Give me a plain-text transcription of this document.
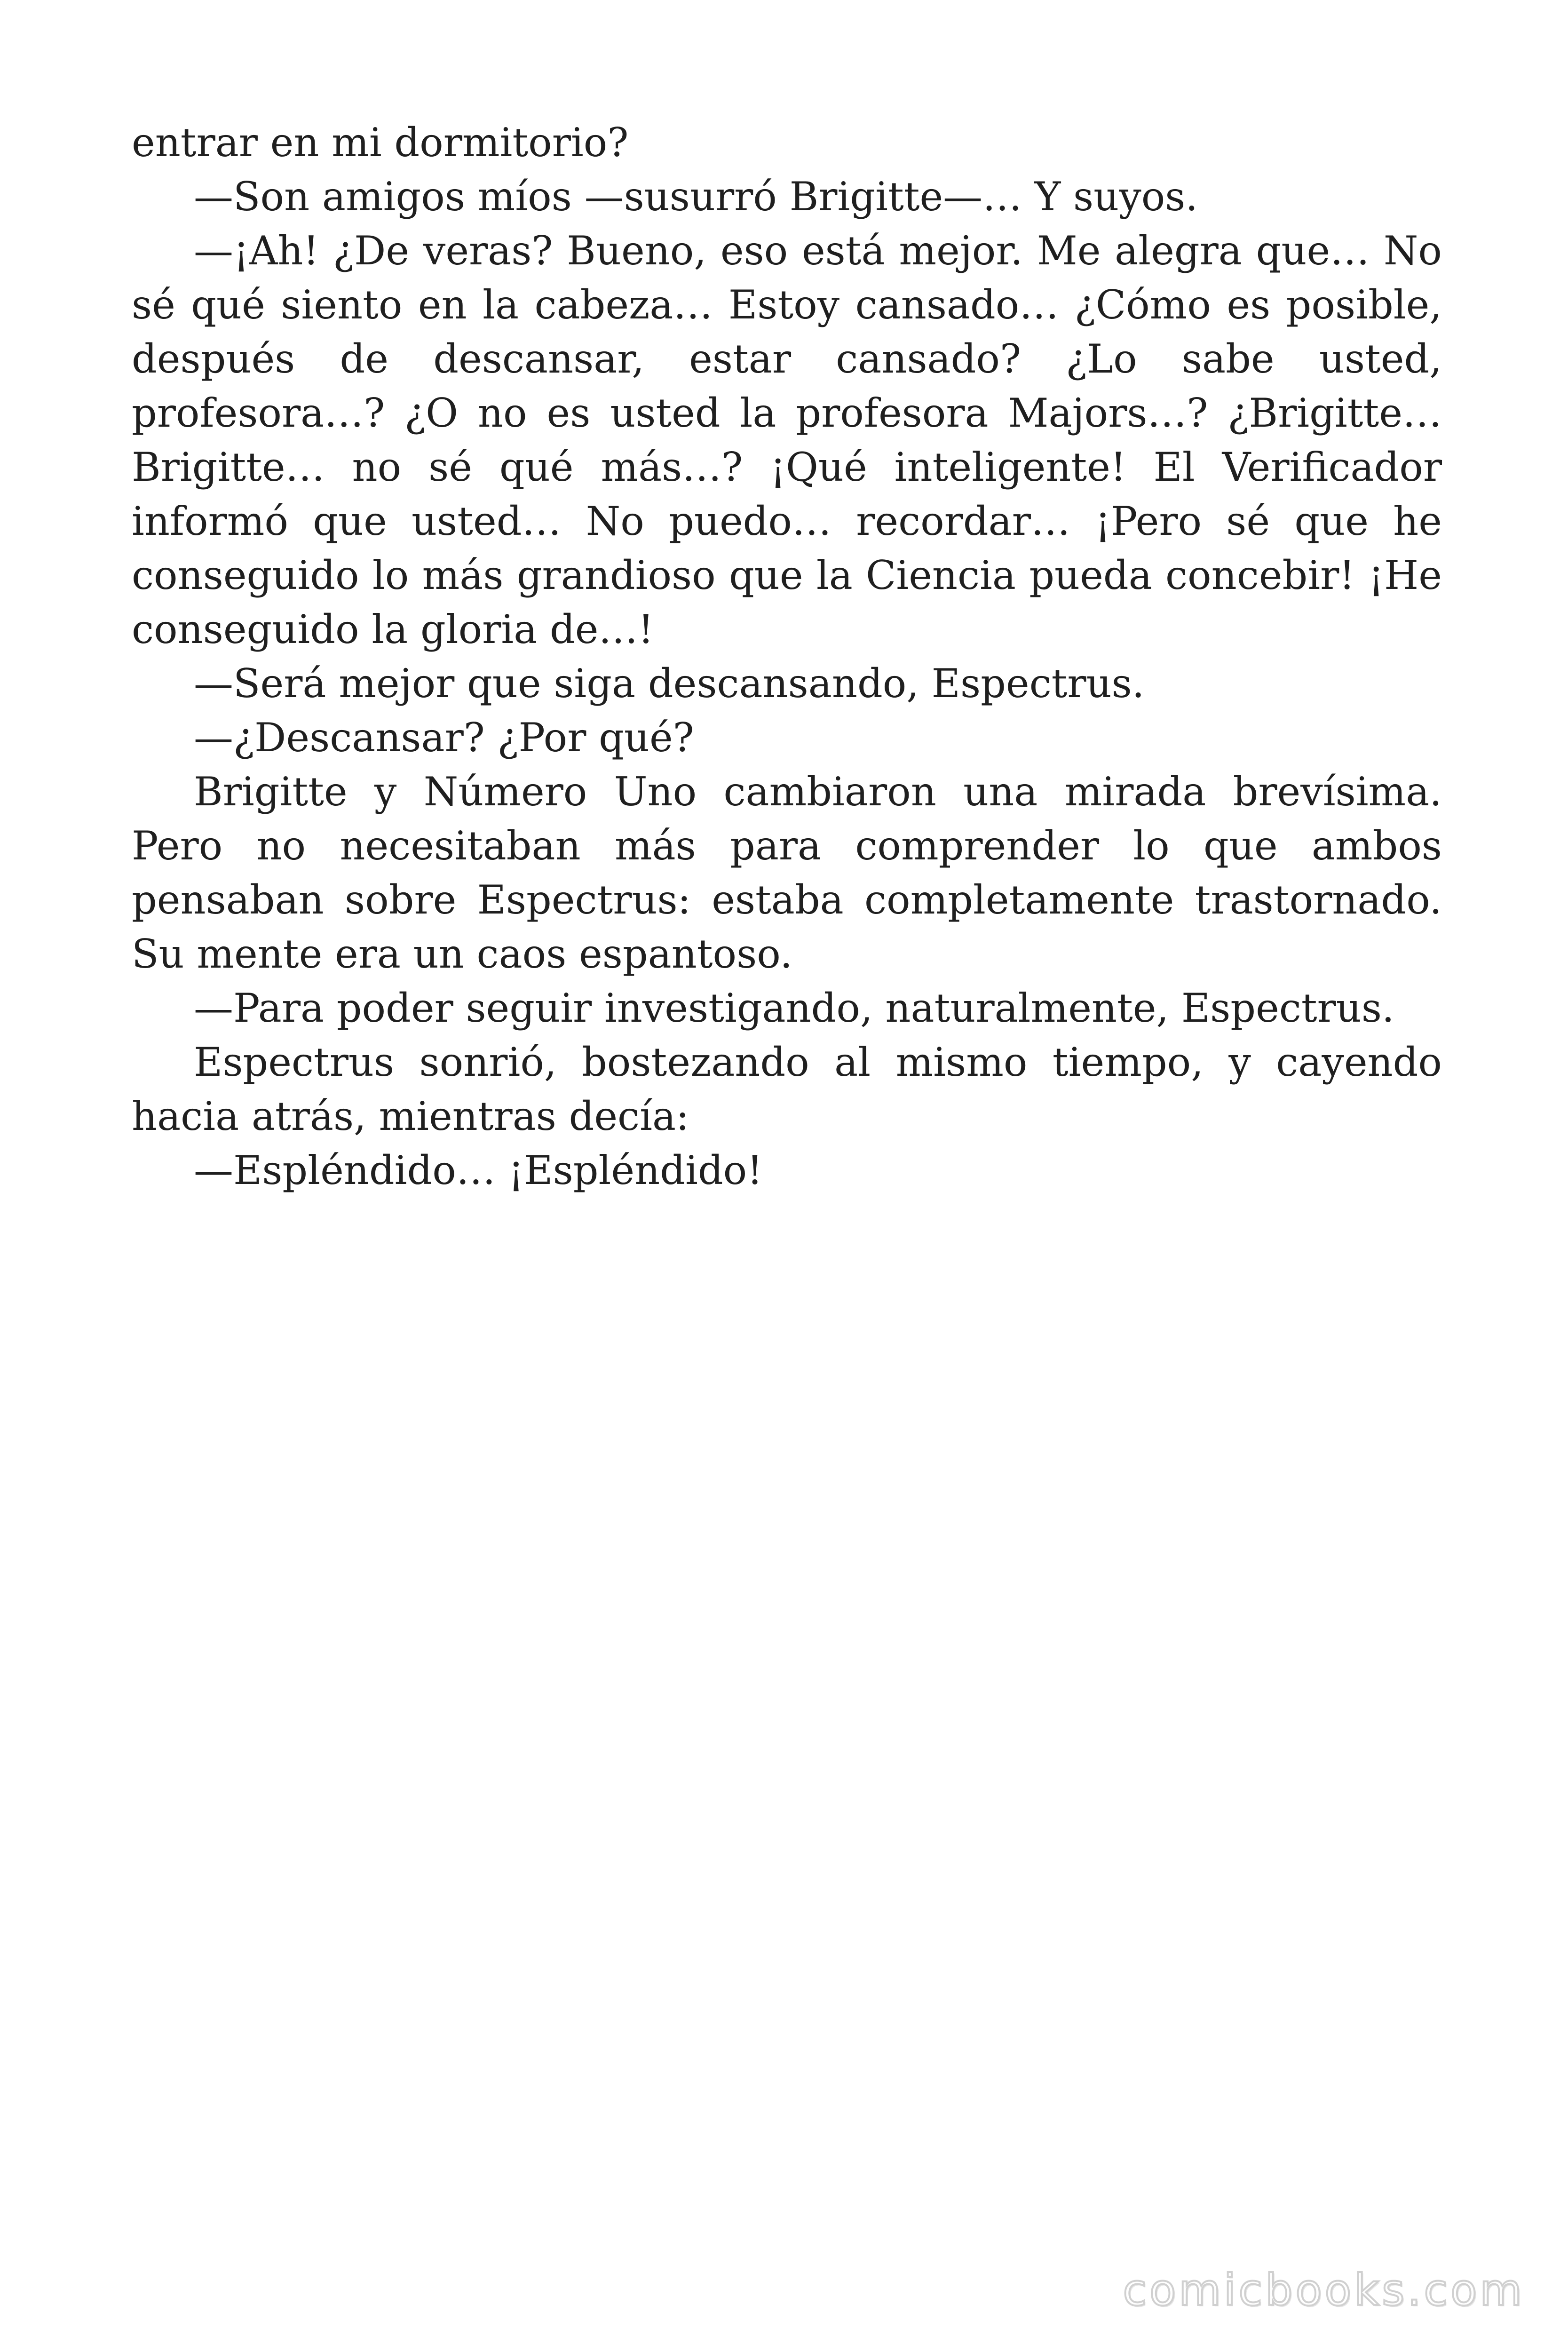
entrar en mi dormitorio?

—Son amigos míos —susurró Brigitte—… Y suyos.

—¡Ah! ¿De veras? Bueno, eso está mejor. Me alegra que… No sé qué siento en la cabeza… Estoy cansado… ¿Cómo es posible, después de descansar, estar cansado? ¿Lo sabe usted, profesora…? ¿O no es usted la profesora Majors…? ¿Brigitte… Brigitte… no sé qué más…? ¡Qué inteligente! El Verificador informó que usted… No puedo… recordar… ¡Pero sé que he conseguido lo más grandioso que la Ciencia pueda concebir! ¡He conseguido la gloria de…!

—Será mejor que siga descansando, Espectrus.

—¿Descansar? ¿Por qué?

Brigitte y Número Uno cambiaron una mirada brevísima. Pero no necesitaban más para comprender lo que ambos pensaban sobre Espectrus: estaba completamente trastornado. Su mente era un caos espantoso.

—Para poder seguir investigando, naturalmente, Espectrus.

Espectrus sonrió, bostezando al mismo tiempo, y cayendo hacia atrás, mientras decía:

—Espléndido… ¡Espléndido!

comicbooks.com
